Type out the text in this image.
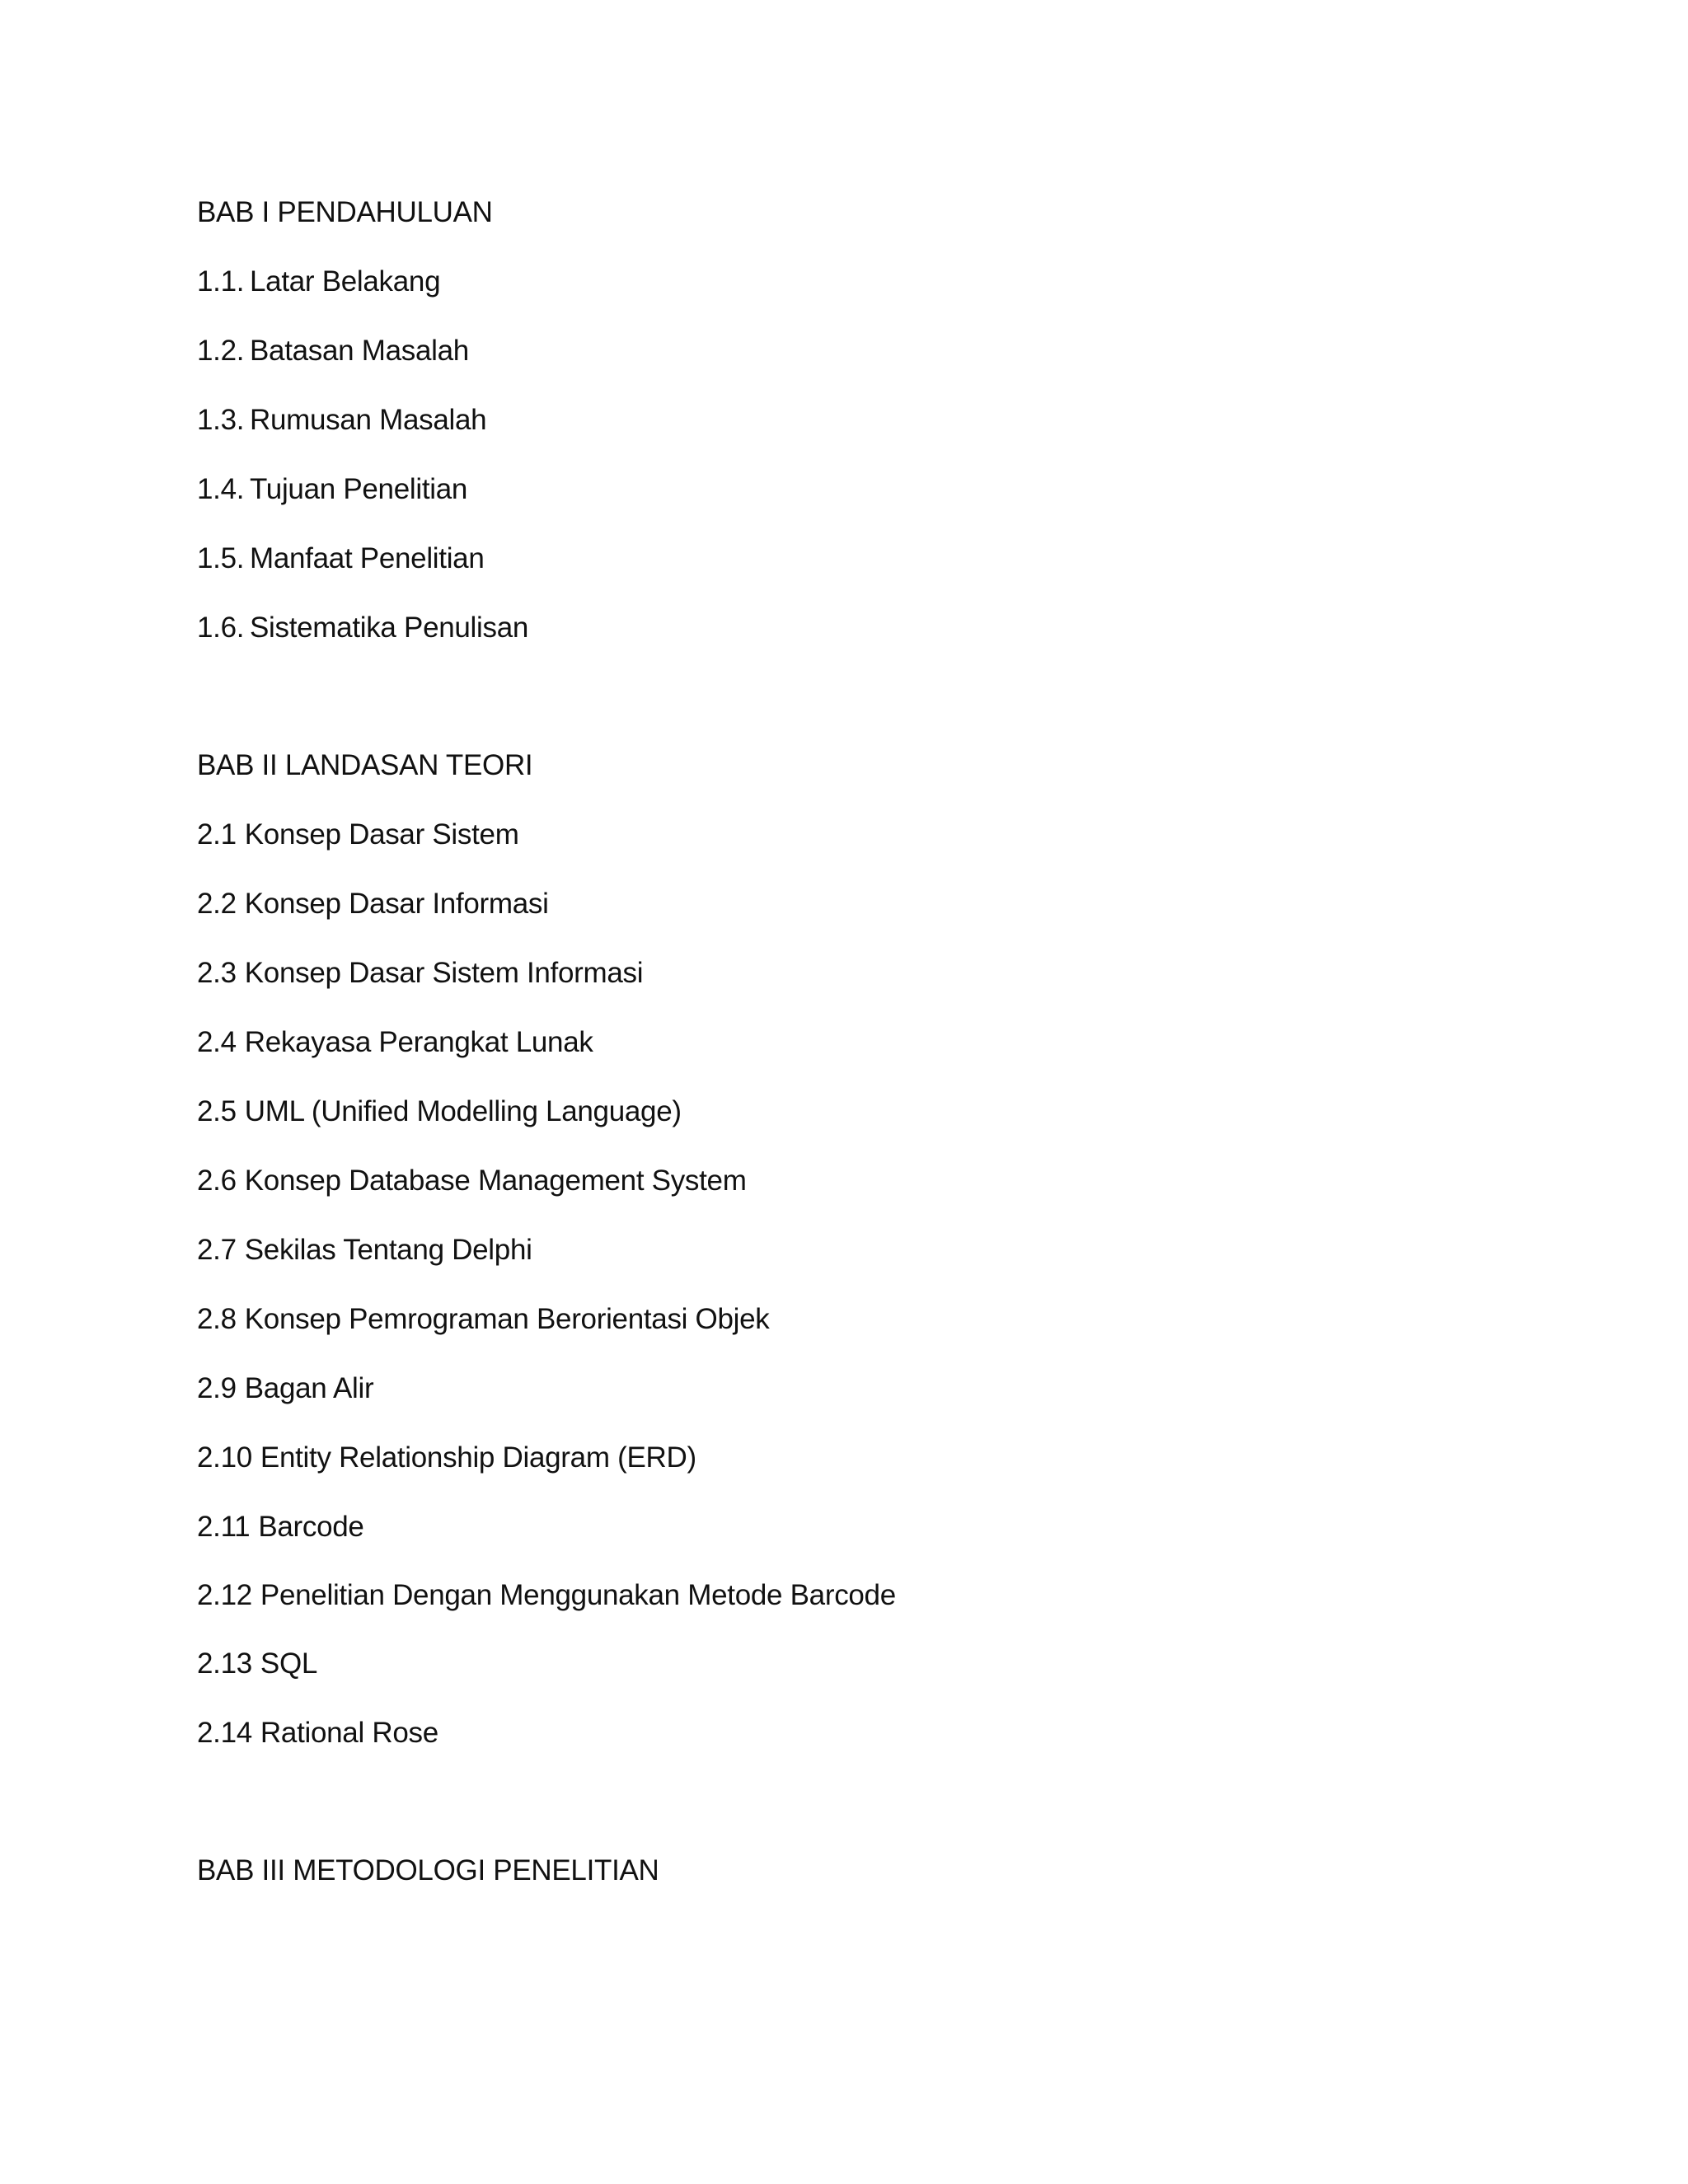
BAB I PENDAHULUAN
1.1. Latar Belakang
1.2. Batasan Masalah
1.3. Rumusan Masalah
1.4. Tujuan Penelitian
1.5. Manfaat Penelitian
1.6. Sistematika Penulisan
BAB II LANDASAN TEORI
2.1 Konsep Dasar Sistem
2.2 Konsep Dasar Informasi
2.3 Konsep Dasar Sistem Informasi
2.4 Rekayasa Perangkat Lunak
2.5 UML (Unified Modelling Language)
2.6 Konsep Database Management System
2.7 Sekilas Tentang Delphi
2.8 Konsep Pemrograman Berorientasi Objek
2.9 Bagan Alir
2.10 Entity Relationship Diagram (ERD)
2.11 Barcode
2.12 Penelitian Dengan Menggunakan Metode Barcode
2.13 SQL
2.14 Rational Rose
BAB III METODOLOGI PENELITIAN
